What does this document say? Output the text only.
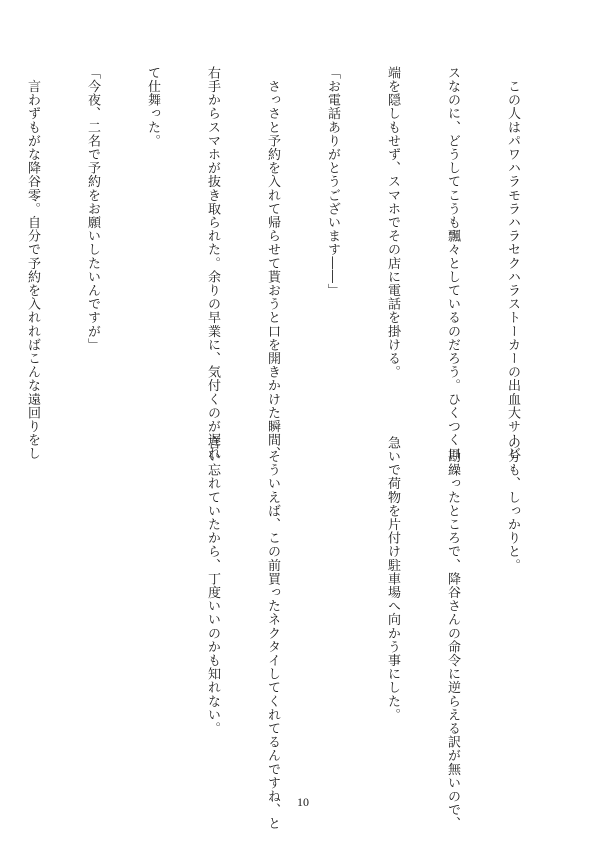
　この人はパワハラモラハラセクハラストーカーの出血大サービ

スなのに、どうしてこうも飄々としているのだろう。ひくつく口

端を隠しもせず、スマホでその店に電話を掛ける。

「お電話ありがとうございます――」

　さっさと予約を入れて帰らせて貰おうと口を開きかけた瞬間、

右手からスマホが抜き取られた。余りの早業に、気付くのが遅れ

て仕舞った。

「今夜、二名で予約をお願いしたいんですが」

　言わずもがな降谷零。自分で予約を入れればこんな遠回りをし

の分も、しっかりと。

　勘繰ったところで、降谷さんの命令に逆らえる訳が無いので、

急いで荷物を片付け駐車場へ向かう事にした。

　そういえば、この前買ったネクタイしてくれてるんですね、と

言い忘れていたから、丁度いいのかも知れない。

10
